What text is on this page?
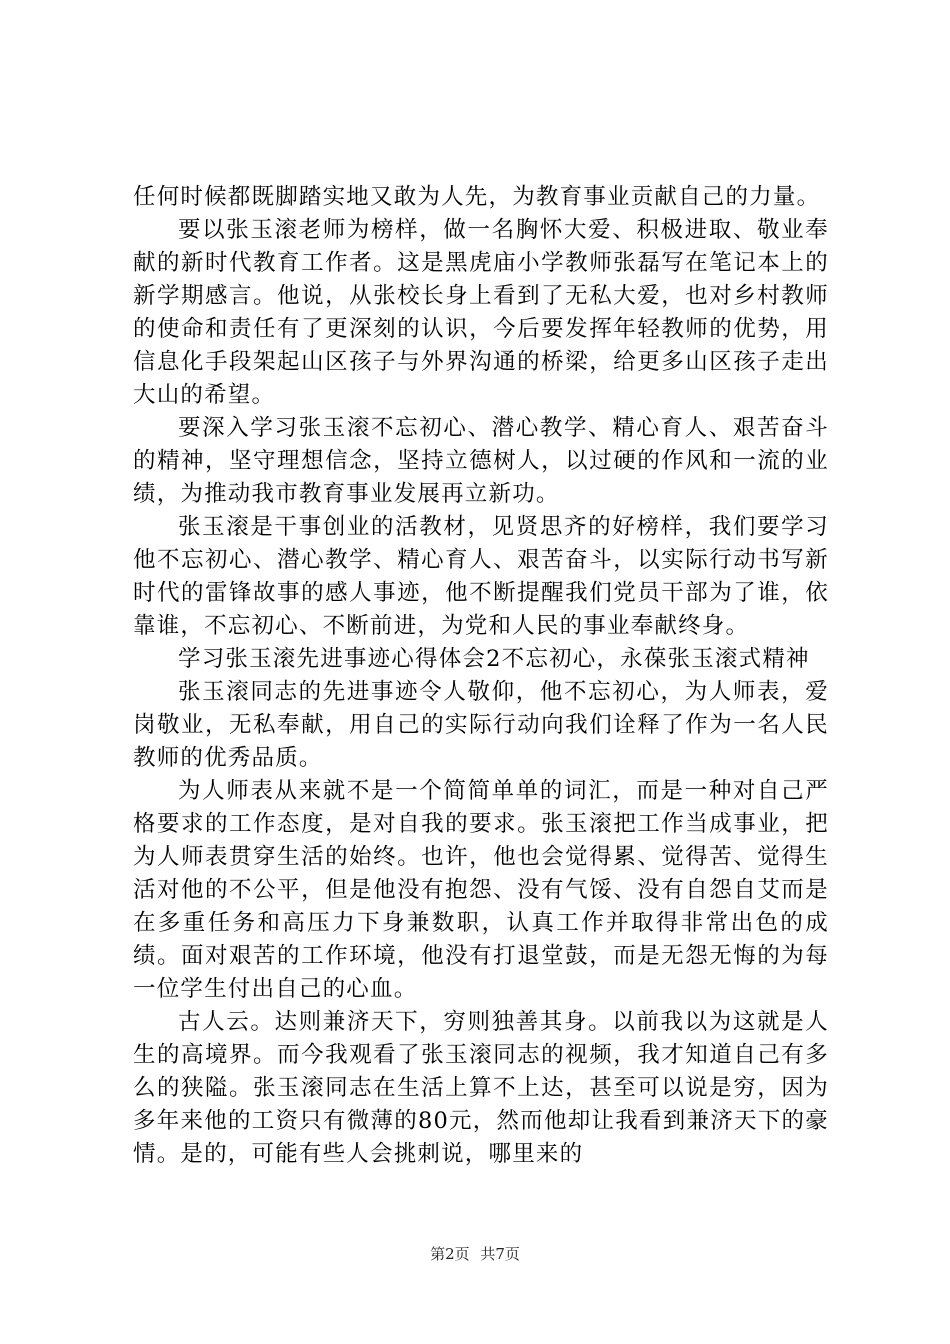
任何时候都既脚踏实地又敢为人先，为教育事业贡献自己的力量。

要以张玉滚老师为榜样，做一名胸怀大爱、积极进取、敬业奉献的新时代教育工作者。这是黑虎庙小学教师张磊写在笔记本上的新学期感言。他说，从张校长身上看到了无私大爱，也对乡村教师的使命和责任有了更深刻的认识，今后要发挥年轻教师的优势，用信息化手段架起山区孩子与外界沟通的桥梁，给更多山区孩子走出大山的希望。

要深入学习张玉滚不忘初心、潜心教学、精心育人、艰苦奋斗的精神，坚守理想信念，坚持立德树人，以过硬的作风和一流的业绩，为推动我市教育事业发展再立新功。

张玉滚是干事创业的活教材，见贤思齐的好榜样，我们要学习他不忘初心、潜心教学、精心育人、艰苦奋斗，以实际行动书写新时代的雷锋故事的感人事迹，他不断提醒我们党员干部为了谁，依靠谁，不忘初心、不断前进，为党和人民的事业奉献终身。

学习张玉滚先进事迹心得体会2不忘初心，永葆张玉滚式精神

张玉滚同志的先进事迹令人敬仰，他不忘初心，为人师表，爱岗敬业，无私奉献，用自己的实际行动向我们诠释了作为一名人民教师的优秀品质。

为人师表从来就不是一个简简单单的词汇，而是一种对自己严格要求的工作态度，是对自我的要求。张玉滚把工作当成事业，把为人师表贯穿生活的始终。也许，他也会觉得累、觉得苦、觉得生活对他的不公平，但是他没有抱怨、没有气馁、没有自怨自艾而是在多重任务和高压力下身兼数职，认真工作并取得非常出色的成绩。面对艰苦的工作环境，他没有打退堂鼓，而是无怨无悔的为每一位学生付出自己的心血。

古人云。达则兼济天下，穷则独善其身。以前我以为这就是人生的高境界。而今我观看了张玉滚同志的视频，我才知道自己有多么的狭隘。张玉滚同志在生活上算不上达，甚至可以说是穷，因为多年来他的工资只有微薄的80元，然而他却让我看到兼济天下的豪情。是的，可能有些人会挑刺说，哪里来的

第2页 共7页
